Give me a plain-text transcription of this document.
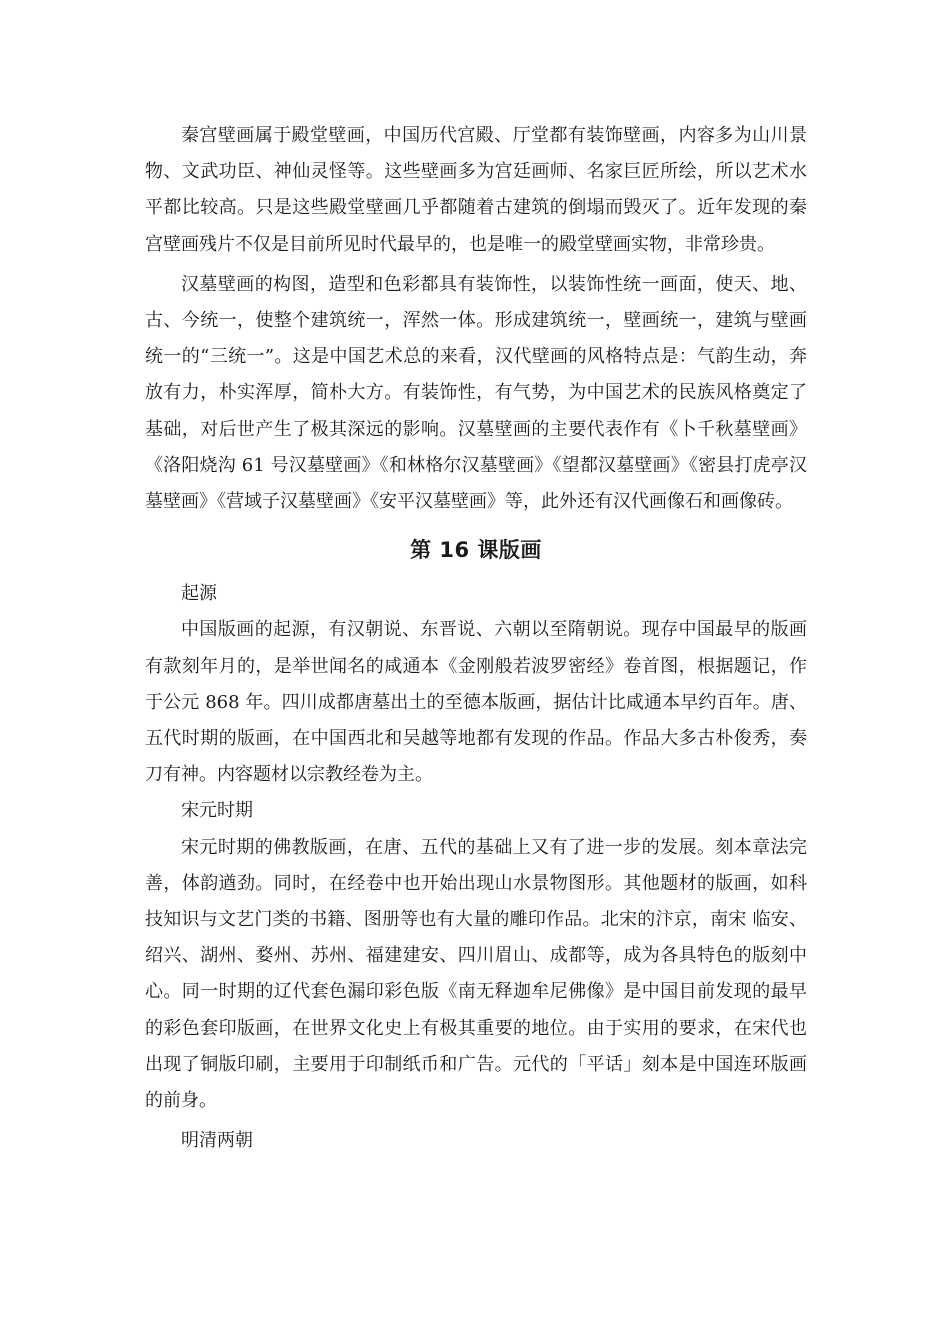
秦宫壁画属于殿堂壁画，中国历代宫殿、厅堂都有装饰壁画，内容多为山川景物、文武功臣、神仙灵怪等。这些壁画多为宫廷画师、名家巨匠所绘，所以艺术水平都比较高。只是这些殿堂壁画几乎都随着古建筑的倒塌而毁灭了。近年发现的秦宫壁画残片不仅是目前所见时代最早的，也是唯一的殿堂壁画实物，非常珍贵。

汉墓壁画的构图，造型和色彩都具有装饰性，以装饰性统一画面，使天、地、古、今统一，使整个建筑统一，浑然一体。形成建筑统一，壁画统一，建筑与壁画统一的“三统一”。这是中国艺术总的来看，汉代壁画的风格特点是：气韵生动，奔放有力，朴实浑厚，简朴大方。有装饰性，有气势，为中国艺术的民族风格奠定了基础，对后世产生了极其深远的影响。汉墓壁画的主要代表作有《卜千秋墓壁画》《洛阳烧沟 61 号汉墓壁画》《和林格尔汉墓壁画》《望都汉墓壁画》《密县打虎亭汉墓壁画》《营域子汉墓壁画》《安平汉墓壁画》等，此外还有汉代画像石和画像砖。

第 16 课版画

起源

中国版画的起源，有汉朝说、东晋说、六朝以至隋朝说。现存中国最早的版画有款刻年月的，是举世闻名的咸通本《金刚般若波罗密经》卷首图，根据题记，作于公元 868 年。四川成都唐墓出土的至德本版画，据估计比咸通本早约百年。唐、五代时期的版画，在中国西北和吴越等地都有发现的作品。作品大多古朴俊秀，奏刀有神。内容题材以宗教经卷为主。

宋元时期

宋元时期的佛教版画，在唐、五代的基础上又有了进一步的发展。刻本章法完善，体韵遒劲。同时，在经卷中也开始出现山水景物图形。其他题材的版画，如科技知识与文艺门类的书籍、图册等也有大量的雕印作品。北宋的汴京，南宋 临安、绍兴、湖州、婺州、苏州、福建建安、四川眉山、成都等，成为各具特色的版刻中心。同一时期的辽代套色漏印彩色版《南无释迦牟尼佛像》是中国目前发现的最早的彩色套印版画，在世界文化史上有极其重要的地位。由于实用的要求，在宋代也出现了铜版印刷，主要用于印制纸币和广告。元代的「平话」刻本是中国连环版画的前身。

明清两朝
